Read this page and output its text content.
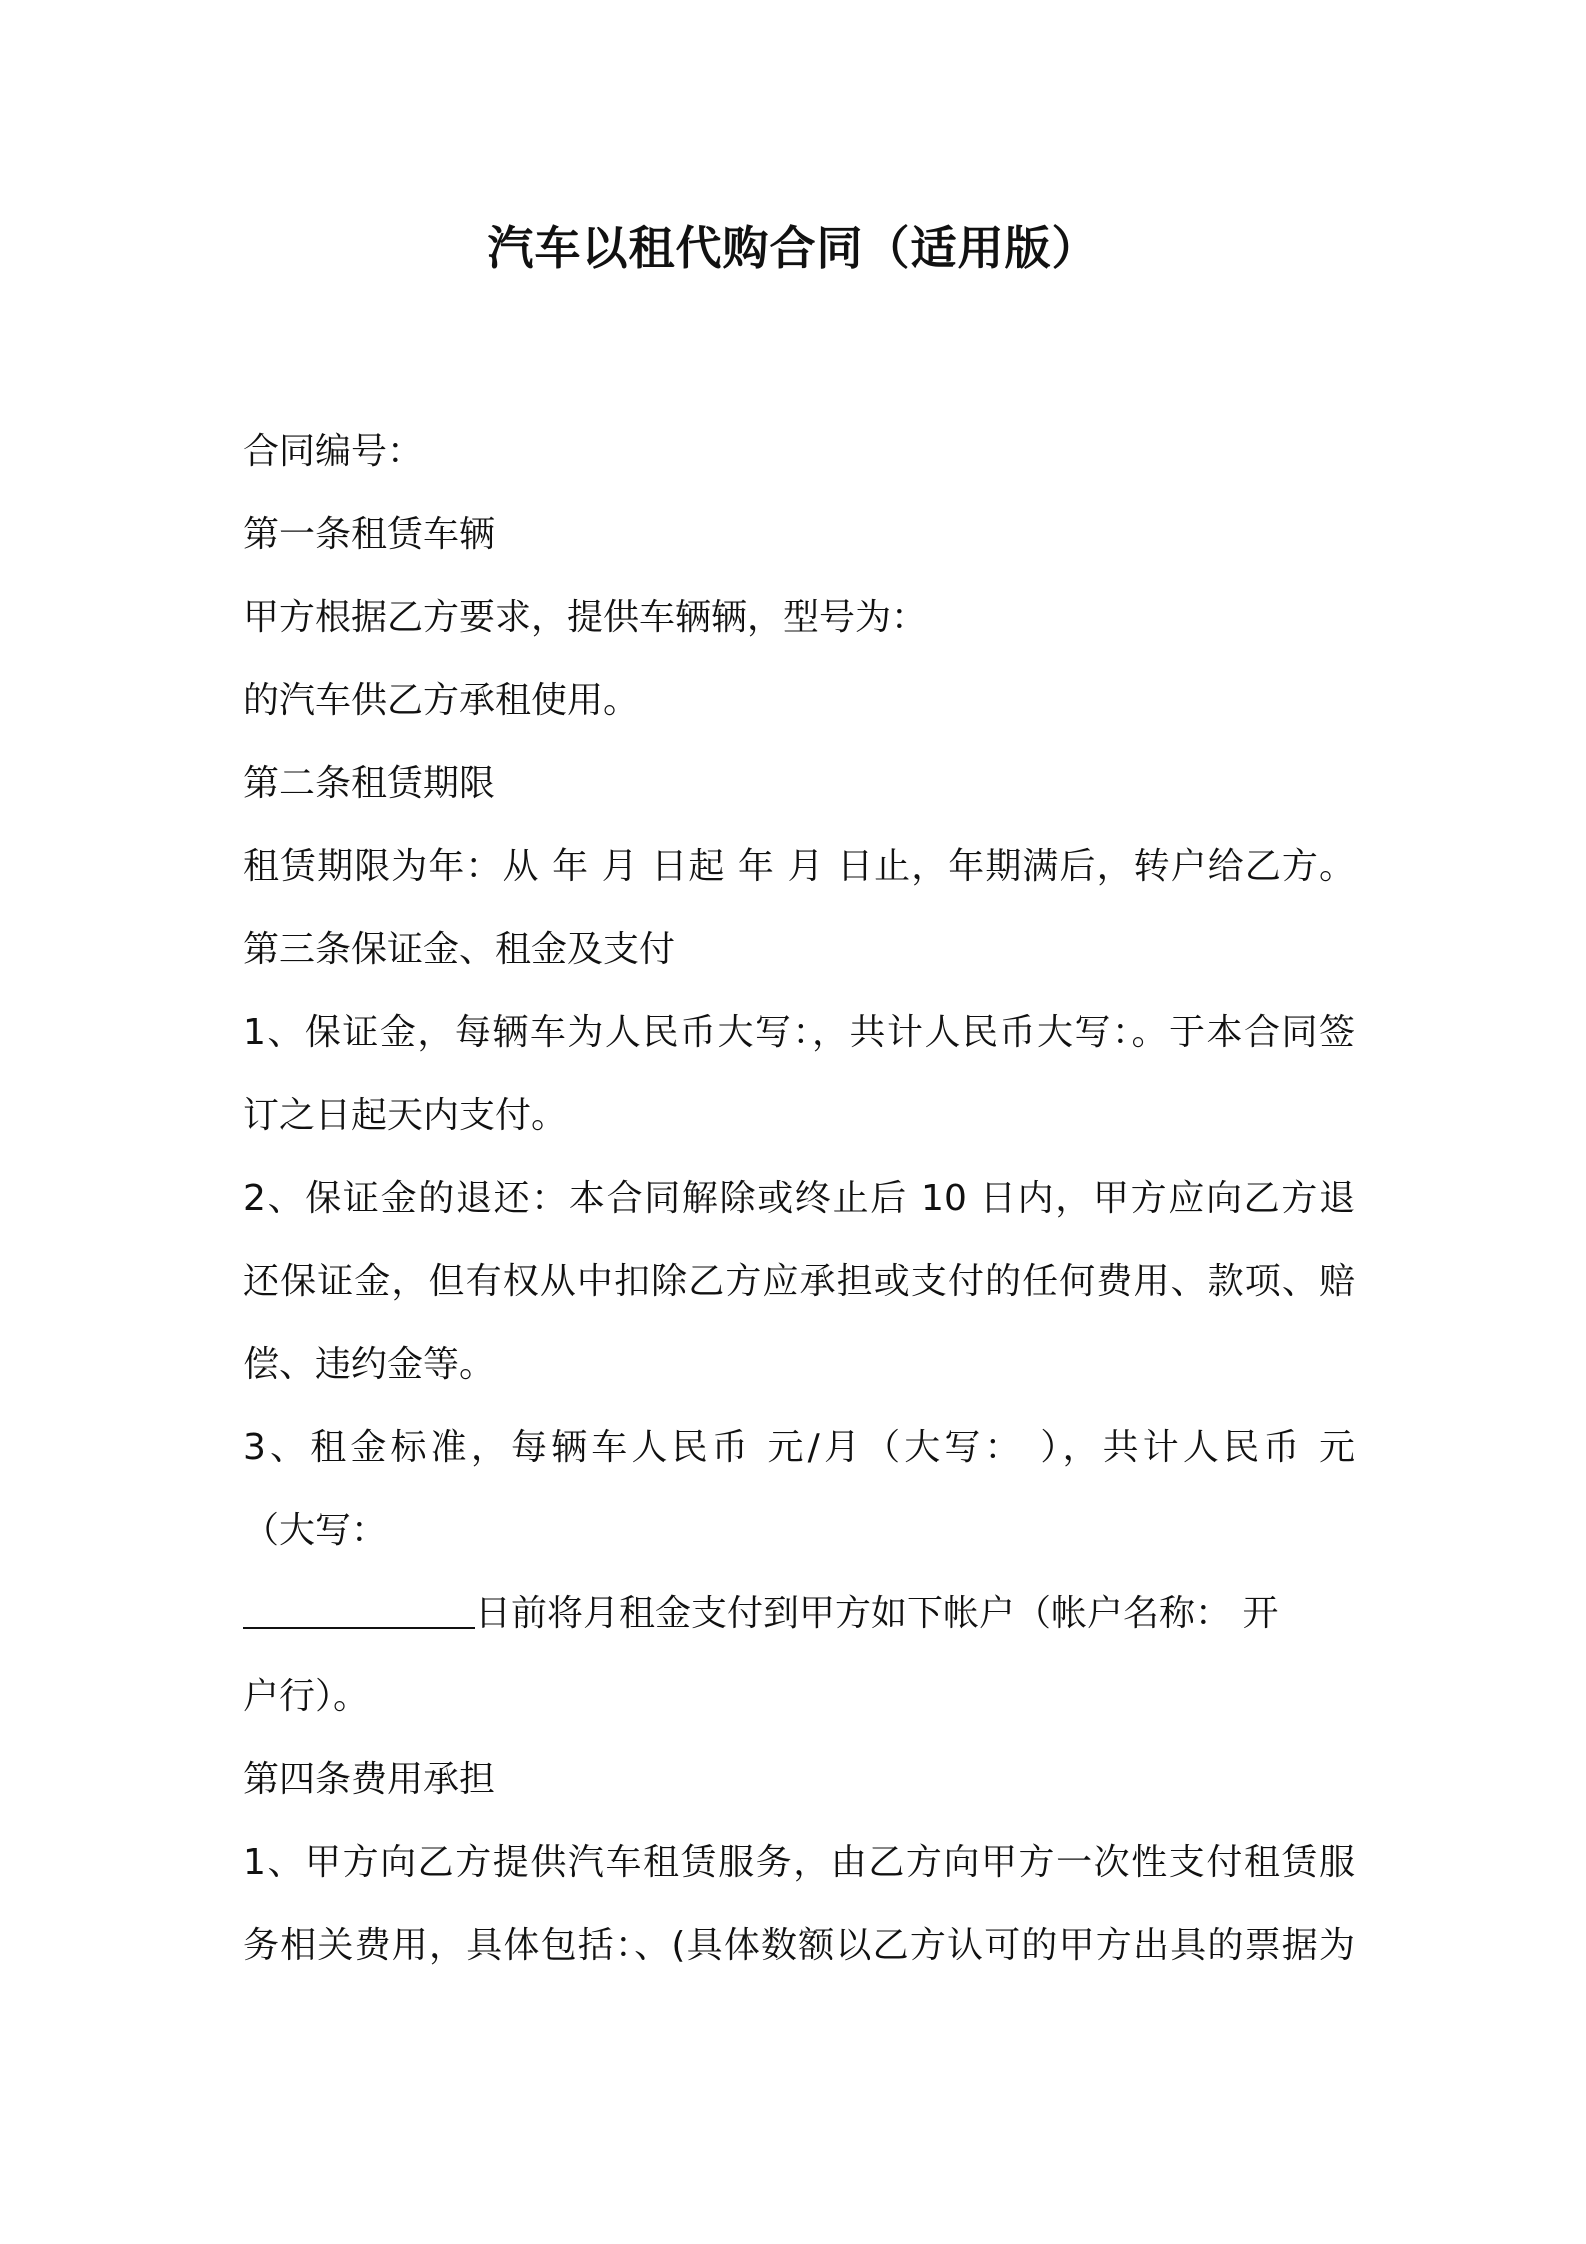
汽车以租代购合同（适用版）
合同编号：
第一条租赁车辆
甲方根据乙方要求，提供车辆辆，型号为：
的汽车供乙方承租使用。
第二条租赁期限
租赁期限为年：从 年 月 日起 年 月 日止，年期满后，转户给乙方。
第三条保证金、租金及支付
1、保证金，每辆车为人民币大写：，共计人民币大写：。于本合同签
订之日起天内支付。
2、保证金的退还：本合同解除或终止后 10 日内，甲方应向乙方退
还保证金，但有权从中扣除乙方应承担或支付的任何费用、款项、赔
偿、违约金等。
3、租金标准，每辆车人民币 元/月（大写： ），共计人民币 元
（大写：
日前将月租金支付到甲方如下帐户（帐户名称： 开
户行）。
第四条费用承担
1、甲方向乙方提供汽车租赁服务，由乙方向甲方一次性支付租赁服
务相关费用，具体包括：、(具体数额以乙方认可的甲方出具的票据为
